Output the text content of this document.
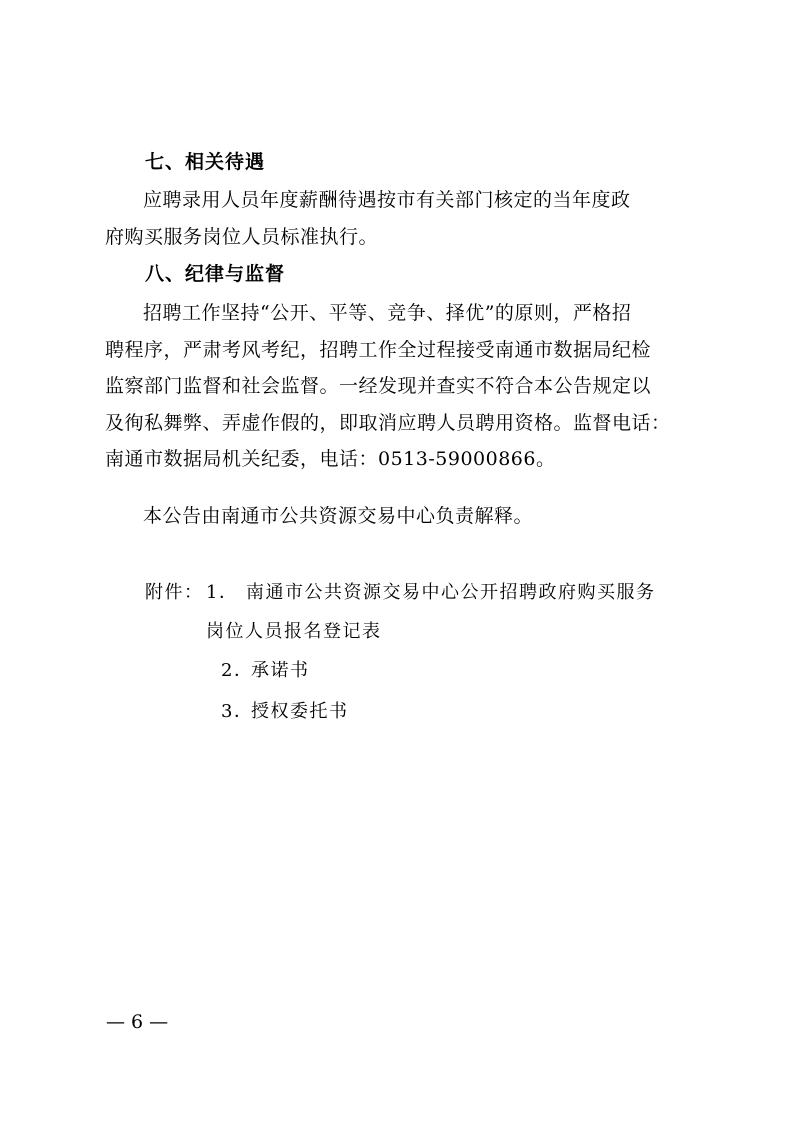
七、相关待遇
应聘录用人员年度薪酬待遇按市有关部门核定的当年度政
府购买服务岗位人员标准执行。
八、纪律与监督
招聘工作坚持“公开、平等、竞争、择优”的原则，严格招
聘程序，严肃考风考纪，招聘工作全过程接受南通市数据局纪检
监察部门监督和社会监督。一经发现并查实不符合本公告规定以
及徇私舞弊、弄虚作假的，即取消应聘人员聘用资格。监督电话：
南通市数据局机关纪委，电话：0513-59000866。
本公告由南通市公共资源交易中心负责解释。
附件： 1． 南通市公共资源交易中心公开招聘政府购买服务
岗位人员报名登记表
2．
承诺书
3．
授权委托书
— 6 —
